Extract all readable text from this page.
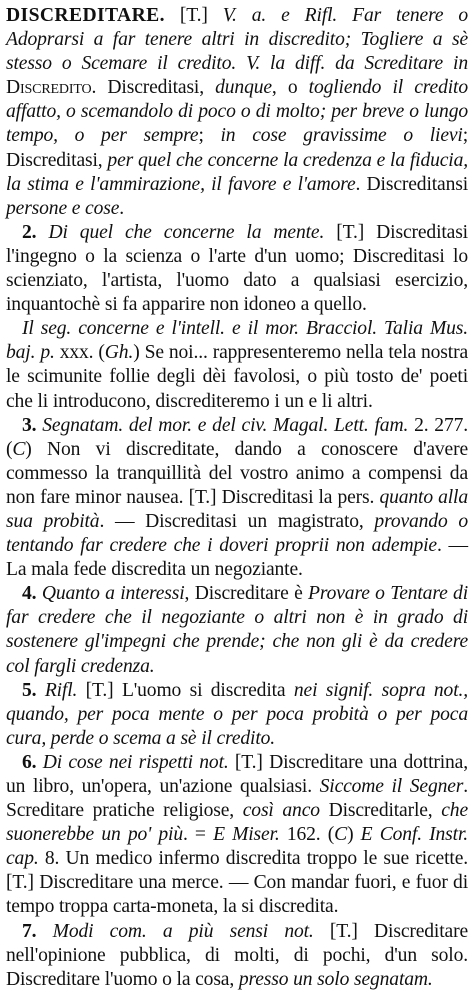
DISCREDITARE. [T.] V. a. e Rifl. Far tenere o Adoprarsi a far tenere altri in discredito; Togliere a sè stesso o Scemare il credito. V. la diff. da Screditare in Discredito. Discreditasi, dunque, o togliendo il credito affatto, o scemandolo di poco o di molto; per breve o lungo tempo, o per sempre; in cose gravissime o lievi; Discreditasi, per quel che concerne la credenza e la fiducia, la stima e l'ammirazione, il favore e l'amore. Discreditansi persone e cose.

2. Di quel che concerne la mente. [T.] Discreditasi l'ingegno o la scienza o l'arte d'un uomo; Discreditasi lo scienziato, l'artista, l'uomo dato a qualsiasi esercizio, inquantochè si fa apparire non idoneo a quello.

Il seg. concerne e l'intell. e il mor. Bracciol. Talia Mus. baj. p. xxx. (Gh.) Se noi... rappresenteremo nella tela nostra le scimunite follie degli dèi favolosi, o più tosto de' poeti che li introducono, discrediteremo i un e li altri.

3. Segnatam. del mor. e del civ. Magal. Lett. fam. 2. 277. (C) Non vi discreditate, dando a conoscere d'avere commesso la tranquillità del vostro animo a compensi da non fare minor nausea. [T.] Discreditasi la pers. quanto alla sua probità. — Discreditasi un magistrato, provando o tentando far credere che i doveri proprii non adempie. — La mala fede discredita un negoziante.

4. Quanto a interessi, Discreditare è Provare o Tentare di far credere che il negoziante o altri non è in grado di sostenere gl'impegni che prende; che non gli è da credere col fargli credenza.

5. Rifl. [T.] L'uomo si discredita nei signif. sopra not., quando, per poca mente o per poca probità o per poca cura, perde o scema a sè il credito.

6. Di cose nei rispetti not. [T.] Discreditare una dottrina, un libro, un'opera, un'azione qualsiasi. Siccome il Segner. Screditare pratiche religiose, così anco Discreditarle, che suonerebbe un po' più. = E Miser. 162. (C) E Conf. Instr. cap. 8. Un medico infermo discredita troppo le sue ricette. [T.] Discreditare una merce. — Con mandar fuori, e fuor di tempo troppa carta-moneta, la si discredita.

7. Modi com. a più sensi not. [T.] Discreditare nell'opinione pubblica, di molti, di pochi, d'un solo. Discreditare l'uomo o la cosa, presso un solo segnatam.
